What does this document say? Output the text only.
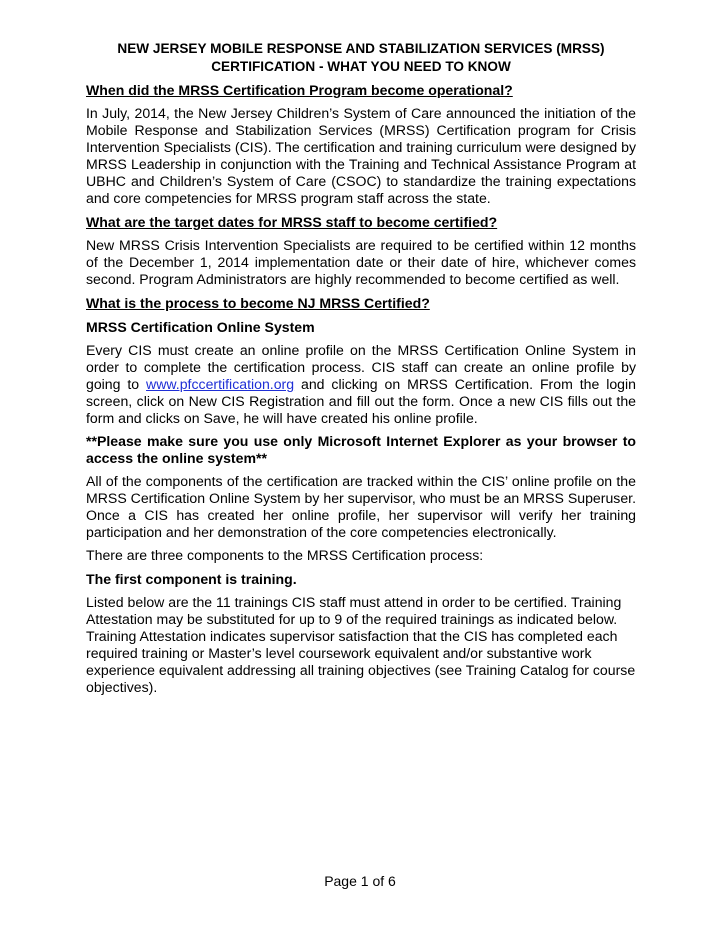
NEW JERSEY MOBILE RESPONSE AND STABILIZATION SERVICES (MRSS)
CERTIFICATION - WHAT YOU NEED TO KNOW
When did the MRSS Certification Program become operational?
In July, 2014, the New Jersey Children’s System of Care announced the initiation of the Mobile Response and Stabilization Services (MRSS) Certification program for Crisis Intervention Specialists (CIS). The certification and training curriculum were designed by MRSS Leadership in conjunction with the Training and Technical Assistance Program at UBHC and Children’s System of Care (CSOC) to standardize the training expectations and core competencies for MRSS program staff across the state.
What are the target dates for MRSS staff to become certified?
New MRSS Crisis Intervention Specialists are required to be certified within 12 months of the December 1, 2014 implementation date or their date of hire, whichever comes second. Program Administrators are highly recommended to become certified as well.
What is the process to become NJ MRSS Certified?
MRSS Certification Online System
Every CIS must create an online profile on the MRSS Certification Online System in order to complete the certification process. CIS staff can create an online profile by going to www.pfccertification.org and clicking on MRSS Certification. From the login screen, click on New CIS Registration and fill out the form. Once a new CIS fills out the form and clicks on Save, he will have created his online profile.
**Please make sure you use only Microsoft Internet Explorer as your browser to access the online system**
All of the components of the certification are tracked within the CIS’ online profile on the MRSS Certification Online System by her supervisor, who must be an MRSS Superuser. Once a CIS has created her online profile, her supervisor will verify her training participation and her demonstration of the core competencies electronically.
There are three components to the MRSS Certification process:
The first component is training.
Listed below are the 11 trainings CIS staff must attend in order to be certified. Training Attestation may be substituted for up to 9 of the required trainings as indicated below. Training Attestation indicates supervisor satisfaction that the CIS has completed each required training or Master’s level coursework equivalent and/or substantive work experience equivalent addressing all training objectives (see Training Catalog for course objectives).
Page 1 of 6
